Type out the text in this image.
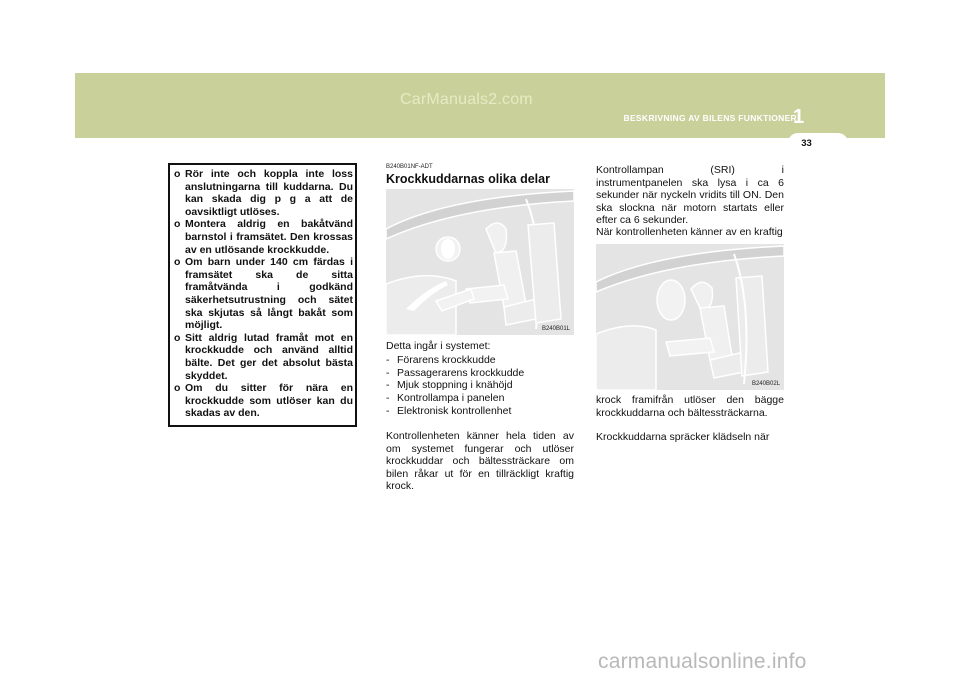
CarManuals2.com
BESKRIVNING AV BILENS FUNKTIONER
1
33
o Rör inte och koppla inte loss anslutningarna till kuddarna. Du kan skada dig p g a att de oavsiktligt utlöses.
o Montera aldrig en bakåtvänd barnstol i framsätet. Den krossas av en utlösande krockkudde.
o Om barn under 140 cm färdas i framsätet ska de sitta framåtvända i godkänd säkerhetsutrustning och sätet ska skjutas så långt bakåt som möjligt.
o Sitt aldrig lutad framåt mot en krockkudde och använd alltid bälte. Det ger det absolut bästa skyddet.
o Om du sitter för nära en krockkudde som utlöser kan du skadas av den.
B240B01NF-ADT
Krockkuddarnas olika delar
B240B01L

Detta ingår i systemet:

- Förarens krockkudde
- Passagerarens krockkudde
- Mjuk stoppning i knähöjd
- Kontrollampa i panelen
- Elektronisk kontrollenhet

Kontrollenheten känner hela tiden av om systemet fungerar och utlöser krockkuddar och bältessträckare om bilen råkar ut för en tillräckligt kraftig krock.

Kontrollampan (SRI) i instrumentpanelen ska lysa i ca 6 sekunder när nyckeln vridits till ON. Den ska slockna när motorn startats eller efter ca 6 sekunder.

När kontrollenheten känner av en kraftig

B240B02L

krock framifrån utlöser den bägge krockkuddarna och bältessträckarna.

Krockkuddarna spräcker klädseln när

carmanualsonline.info
